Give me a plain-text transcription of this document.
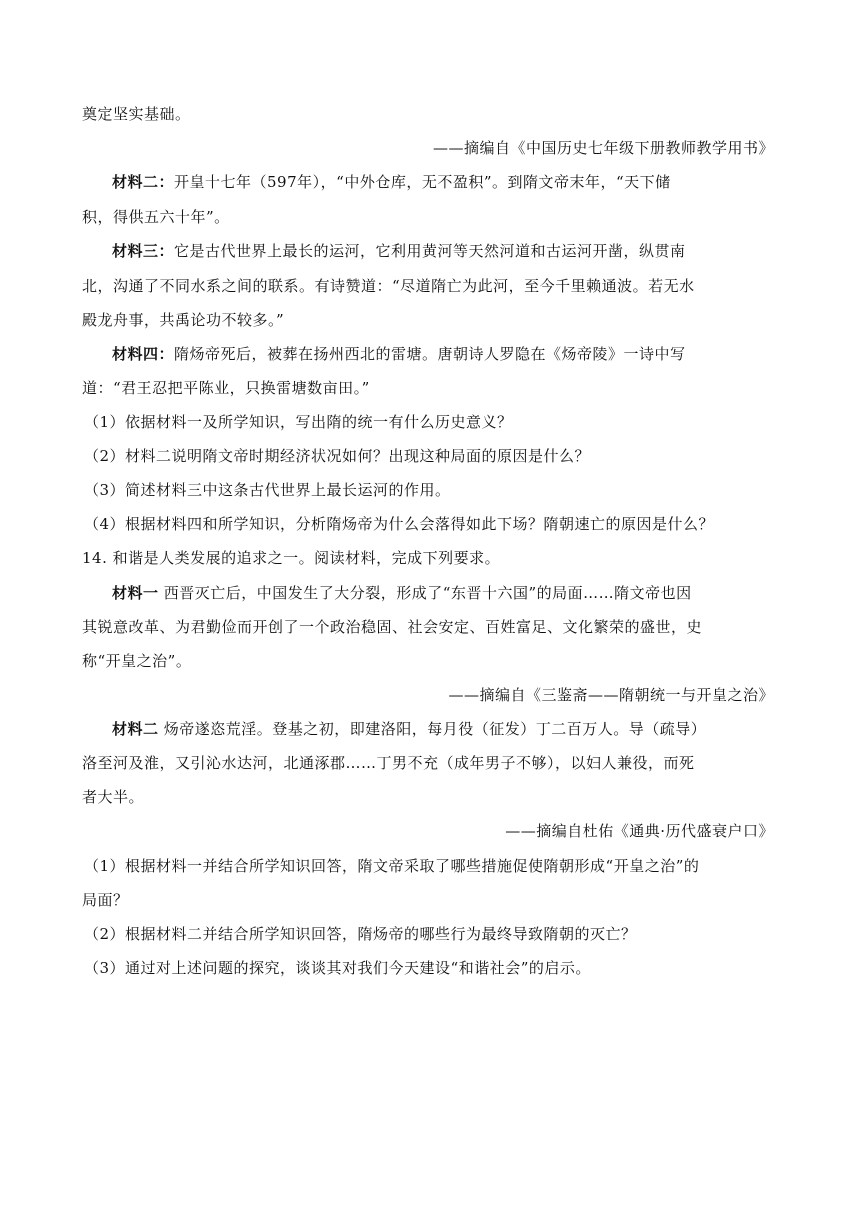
奠定坚实基础。
——摘编自《中国历史七年级下册教师教学用书》
材料二：开皇十七年（597年），“中外仓库，无不盈积”。到隋文帝末年，“天下储
积，得供五六十年”。
材料三：它是古代世界上最长的运河，它利用黄河等天然河道和古运河开凿，纵贯南
北，沟通了不同水系之间的联系。有诗赞道：“尽道隋亡为此河，至今千里赖通波。若无水
殿龙舟事，共禹论功不较多。”
材料四：隋炀帝死后，被葬在扬州西北的雷塘。唐朝诗人罗隐在《炀帝陵》一诗中写
道：“君王忍把平陈业，只换雷塘数亩田。”
（1）依据材料一及所学知识，写出隋的统一有什么历史意义？
（2）材料二说明隋文帝时期经济状况如何？出现这种局面的原因是什么？
（3）简述材料三中这条古代世界上最长运河的作用。
（4）根据材料四和所学知识，分析隋炀帝为什么会落得如此下场？隋朝速亡的原因是什么？
14. 和谐是人类发展的追求之一。阅读材料，完成下列要求。
材料一 西晋灭亡后，中国发生了大分裂，形成了“东晋十六国”的局面……隋文帝也因
其锐意改革、为君勤俭而开创了一个政治稳固、社会安定、百姓富足、文化繁荣的盛世，史
称“开皇之治”。
——摘编自《三鉴斋——隋朝统一与开皇之治》
材料二 炀帝遂恣荒淫。登基之初，即建洛阳，每月役（征发）丁二百万人。导（疏导）
洛至河及淮，又引沁水达河，北通涿郡……丁男不充（成年男子不够），以妇人兼役，而死
者大半。
——摘编自杜佑《通典·历代盛衰户口》
（1）根据材料一并结合所学知识回答，隋文帝采取了哪些措施促使隋朝形成“开皇之治”的
局面？
（2）根据材料二并结合所学知识回答，隋炀帝的哪些行为最终导致隋朝的灭亡？
（3）通过对上述问题的探究，谈谈其对我们今天建设“和谐社会”的启示。
